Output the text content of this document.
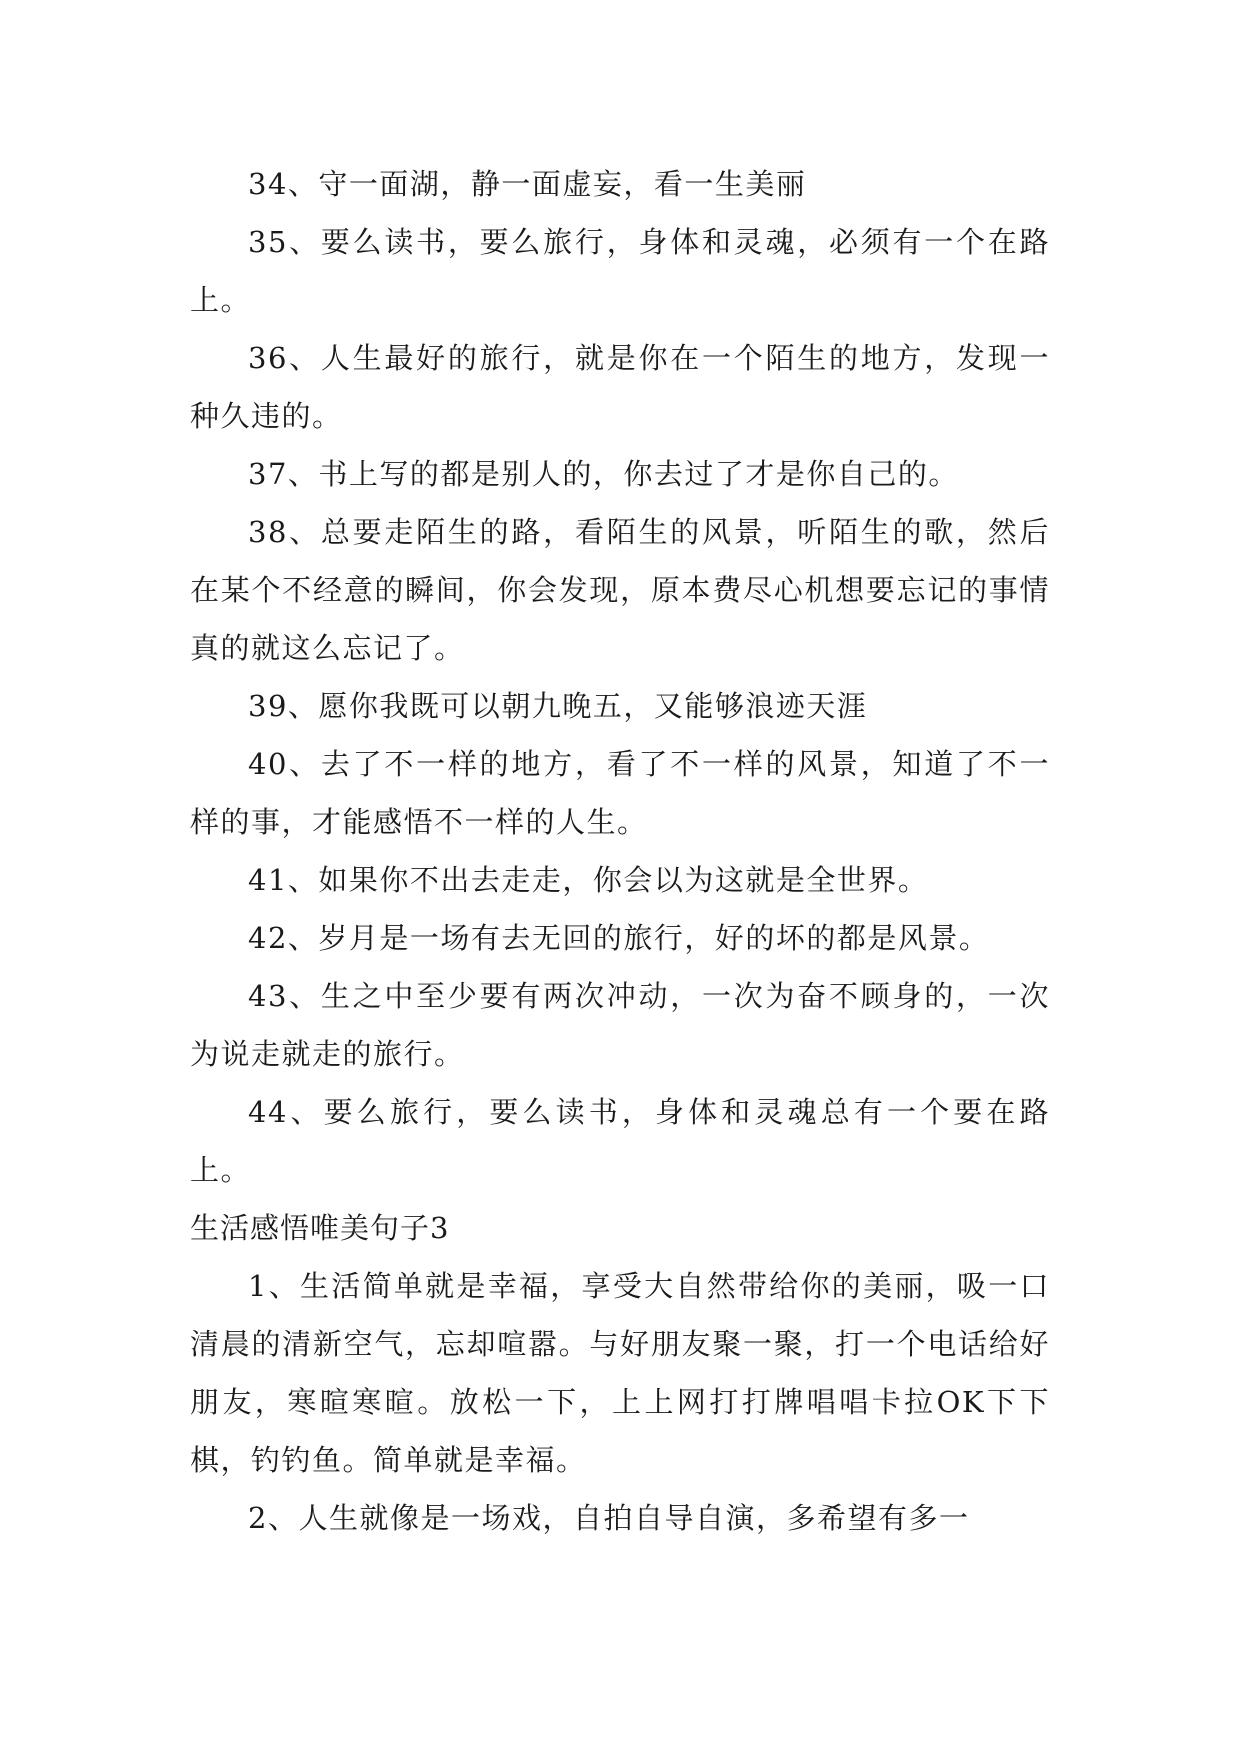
34、守一面湖，静一面虚妄，看一生美丽

35、要么读书，要么旅行，身体和灵魂，必须有一个在路上。

36、人生最好的旅行，就是你在一个陌生的地方，发现一种久违的。

37、书上写的都是别人的，你去过了才是你自己的。

38、总要走陌生的路，看陌生的风景，听陌生的歌，然后在某个不经意的瞬间，你会发现，原本费尽心机想要忘记的事情真的就这么忘记了。

39、愿你我既可以朝九晚五，又能够浪迹天涯

40、去了不一样的地方，看了不一样的风景，知道了不一样的事，才能感悟不一样的人生。

41、如果你不出去走走，你会以为这就是全世界。

42、岁月是一场有去无回的旅行，好的坏的都是风景。

43、生之中至少要有两次冲动，一次为奋不顾身的，一次为说走就走的旅行。

44、要么旅行，要么读书，身体和灵魂总有一个要在路上。

生活感悟唯美句子3

1、生活简单就是幸福，享受大自然带给你的美丽，吸一口清晨的清新空气，忘却喧嚣。与好朋友聚一聚，打一个电话给好朋友，寒暄寒暄。放松一下，上上网打打牌唱唱卡拉OK下下棋，钓钓鱼。简单就是幸福。

2、人生就像是一场戏，自拍自导自演，多希望有多一
